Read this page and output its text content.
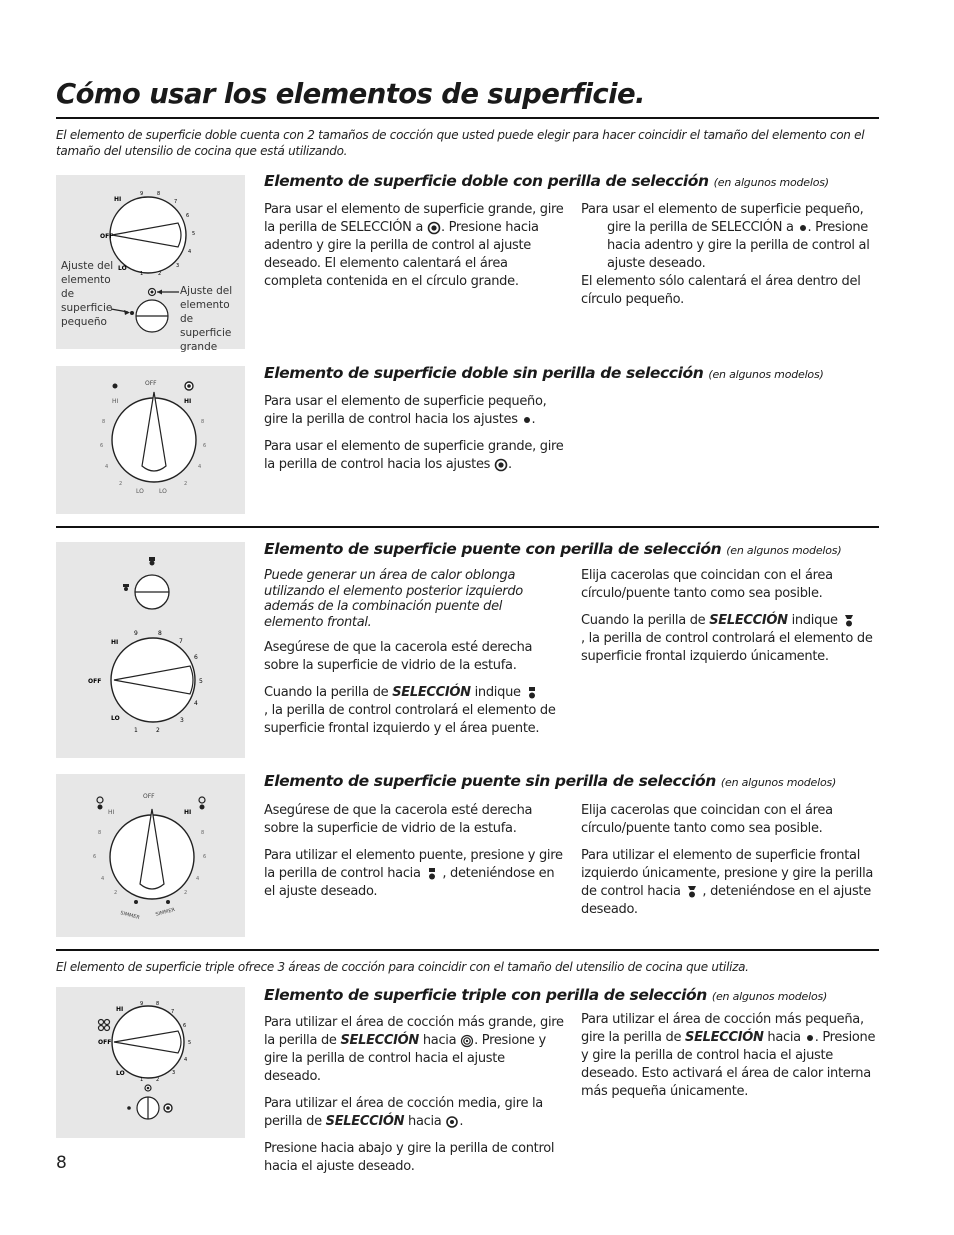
Cómo usar los elementos de superficie.
El elemento de superficie doble cuenta con 2 tamaños de cocción que usted puede elegir para hacer coincidir el tamaño del elemento con el tamaño del utensilio de cocina que está utilizando.
OFF
HI
LO
9	8
7
6
5
4
3
2
1
Ajuste del elemento de superficie pequeño
Ajuste del elemento de superficie grande
Elemento de superficie doble con perilla de selección (en algunos modelos)
Para usar el elemento de superficie grande, gire la perilla de SELECCIÓN a . Presione hacia adentro y gire la perilla de control al ajuste deseado. El elemento calentará el área completa contenida en el círculo grande.
Para usar el elemento de superficie pequeño, gire la perilla de SELECCIÓN a . Presione hacia adentro y gire la perilla de control al ajuste deseado.
El elemento sólo calentará el área dentro del círculo pequeño.
OFF
HI	HI
LO	LO
8
6
4
2
8
6
4
2
Elemento de superficie doble sin perilla de selección (en algunos modelos)

Para usar el elemento de superficie pequeño, gire la perilla de control hacia los ajustes .

Para usar el elemento de superficie grande, gire la perilla de control hacia los ajustes .

OFF
HI
LO
9	8
7
6
5
4
3
2
1
Elemento de superficie puente con perilla de selección (en algunos modelos)

Puede generar un área de calor oblonga utilizando el elemento posterior izquierdo además de la combinación puente del elemento frontal.

Asegúrese de que la cacerola esté derecha sobre la superficie de vidrio de la estufa.

Cuando la perilla de SELECCIÓN indique
, la perilla de control controlará el elemento de superficie frontal izquierdo y el área puente.

Elija cacerolas que coincidan con el área círculo/puente tanto como sea posible.

Cuando la perilla de SELECCIÓN indique
, la perilla de control controlará el elemento de superficie frontal izquierdo únicamente.

OFF
HI	HI
8
6
4
2
8
6
4
2
SIMMER	SIMMER
Elemento de superficie puente sin perilla de selección (en algunos modelos)

Asegúrese de que la cacerola esté derecha sobre la superficie de vidrio de la estufa.

Para utilizar el elemento puente, presione y gire la perilla de control hacia , deteniéndose en el ajuste deseado.

Elija cacerolas que coincidan con el área círculo/puente tanto como sea posible.

Para utilizar el elemento de superficie frontal izquierdo únicamente, presione y gire la perilla de control hacia , deteniéndose en el ajuste deseado.

El elemento de superficie triple ofrece 3 áreas de cocción para coincidir con el tamaño del utensilio de cocina que utiliza.
OFF
HI
LO
9	8
7
6
5
4
3
2
1
Elemento de superficie triple con perilla de selección (en algunos modelos)

Para utilizar el área de cocción más grande, gire la perilla de SELECCIÓN hacia . Presione y gire la perilla de control hacia el ajuste deseado.

Para utilizar el área de cocción media, gire la perilla de SELECCIÓN hacia .

Presione hacia abajo y gire la perilla de control hacia el ajuste deseado.

Para utilizar el área de cocción más pequeña, gire la perilla de SELECCIÓN hacia . Presione y gire la perilla de control hacia el ajuste deseado. Esto activará el área de calor interna más pequeña únicamente.

8
